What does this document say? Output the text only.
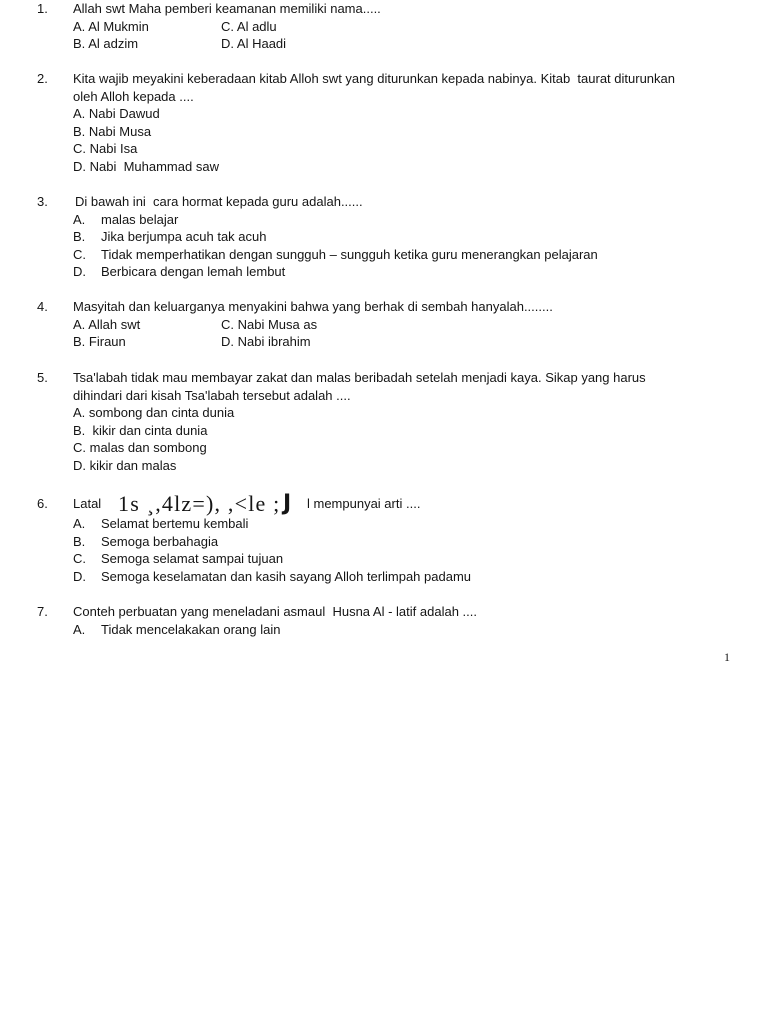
1. Allah swt Maha pemberi keamanan memiliki nama.....
A. Al Mukmin	C. Al adlu
B. Al adzim	D. Al Haadi
2. Kita wajib meyakini keberadaan kitab Alloh swt yang diturunkan kepada nabinya. Kitab  taurat diturunkan
oleh Alloh kepada ....
A. Nabi Dawud
B. Nabi Musa
C. Nabi Isa
D. Nabi  Muhammad saw
3. Di bawah ini  cara hormat kepada guru adalah......
A. malas belajar
B. Jika berjumpa acuh tak acuh
C. Tidak memperhatikan dengan sungguh – sungguh ketika guru menerangkan pelajaran
D. Berbicara dengan lemah lembut
4. Masyitah dan keluarganya menyakini bahwa yang berhak di sembah hanyalah........
A. Allah swt	C. Nabi Musa as
B. Firaun	D. Nabi ibrahim
5. Tsa'labah tidak mau membayar zakat dan malas beribadah setelah menjadi kaya. Sikap yang harus
dihindari dari kisah Tsa'labah tersebut adalah ....
A. sombong dan cinta dunia
B. kikir dan cinta dunia
C. malas dan sombong
D. kikir dan malas
6. Latal 1s ¸,4lz=), ,<le ; J l mempunyai arti ....
A. Selamat bertemu kembali
B. Semoga berbahagia
C. Semoga selamat sampai tujuan
D. Semoga keselamatan dan kasih sayang Alloh terlimpah padamu
7. Conteh perbuatan yang meneladani asmaul  Husna Al - latif adalah ....
A. Tidak mencelakakan orang lain
1
